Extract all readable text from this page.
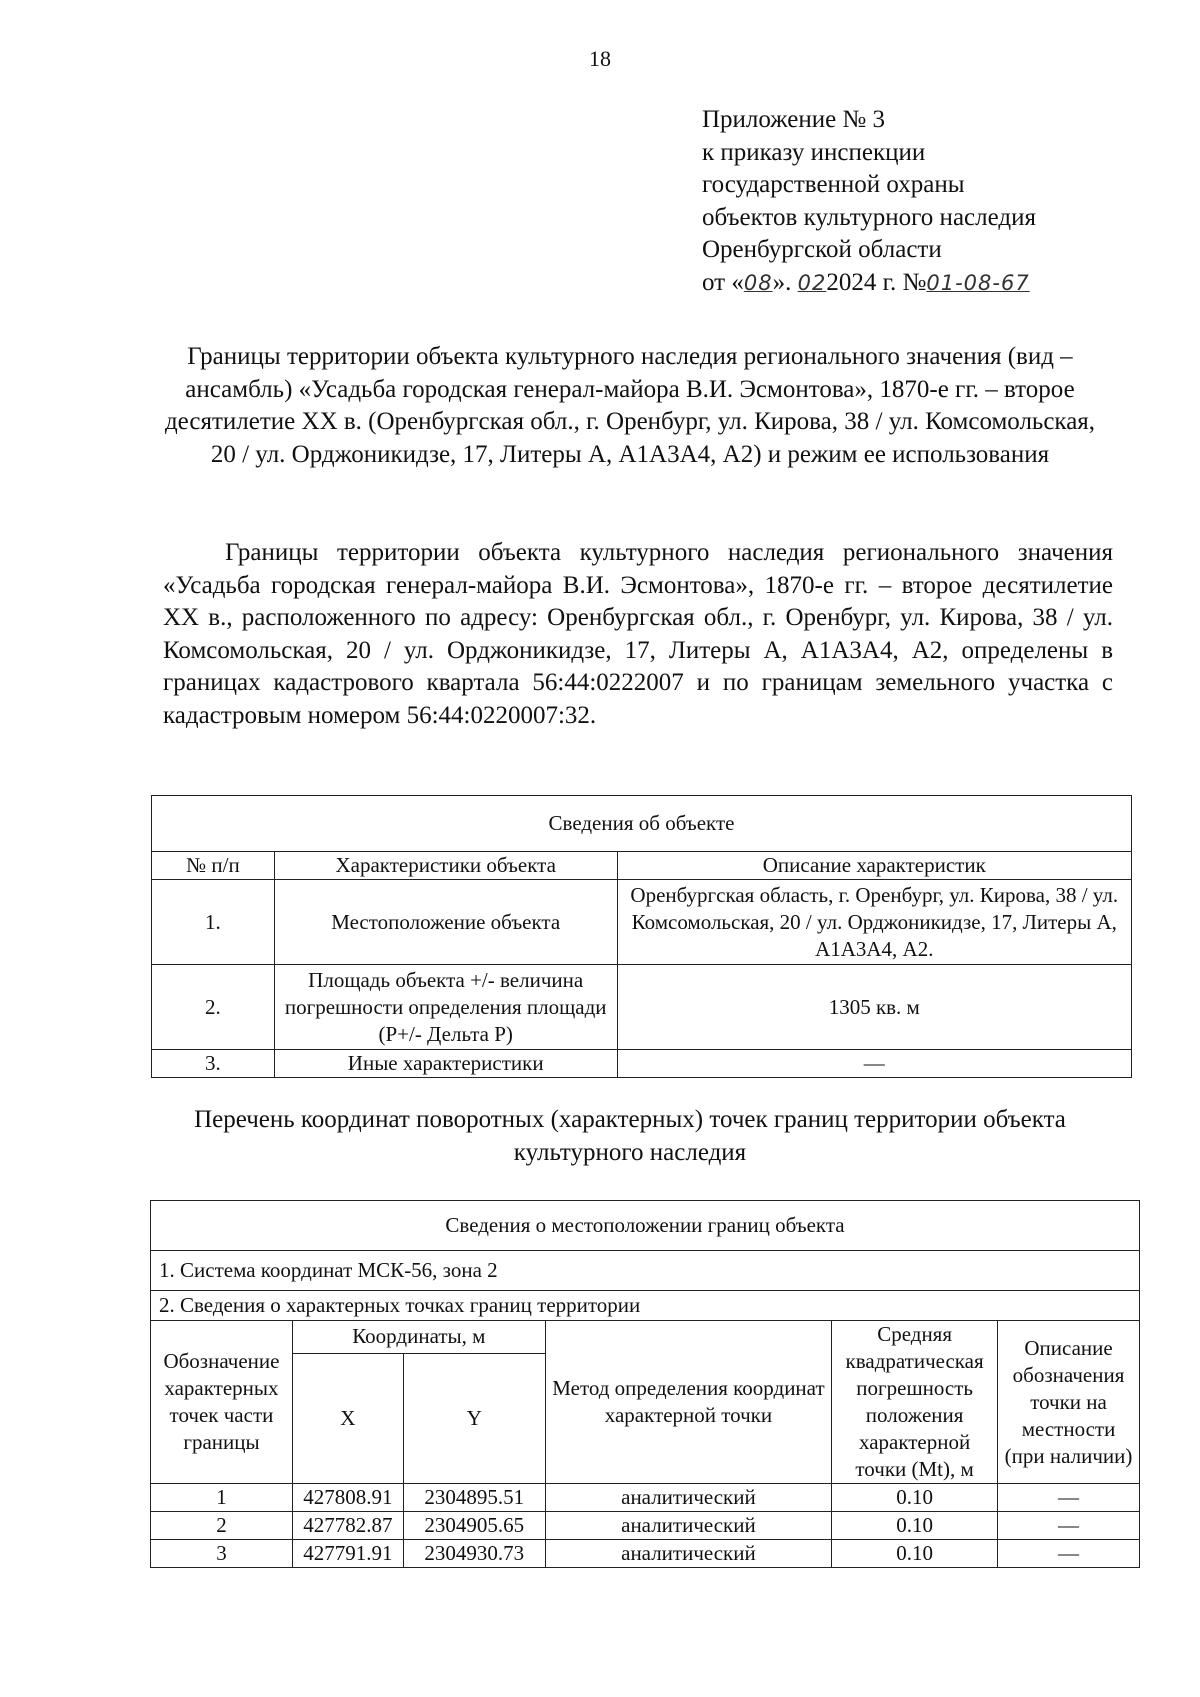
18
Приложение № 3
к приказу инспекции
государственной охраны
объектов культурного наследия
Оренбургской области
от «08». 022024 г. №01-08-67
Границы территории объекта культурного наследия регионального значения (вид – ансамбль) «Усадьба городская генерал-майора В.И. Эсмонтова», 1870-е гг. – второе десятилетие XX в. (Оренбургская обл., г. Оренбург, ул. Кирова, 38 / ул. Комсомольская, 20 / ул. Орджоникидзе, 17, Литеры А, А1А3А4, А2) и режим ее использования
Границы территории объекта культурного наследия регионального значения «Усадьба городская генерал-майора В.И. Эсмонтова», 1870-е гг. – второе десятилетие XX в., расположенного по адресу: Оренбургская обл., г. Оренбург, ул. Кирова, 38 / ул. Комсомольская, 20 / ул. Орджоникидзе, 17, Литеры А, А1А3А4, А2, определены в границах кадастрового квартала 56:44:0222007 и по границам земельного участка с кадастровым номером 56:44:0220007:32.
Сведения об объекте		
№ п/п	Характеристики объекта	Описание характеристик
1.	Местоположение объекта	Оренбургская область, г. Оренбург, ул. Кирова, 38 / ул. Комсомольская, 20 / ул. Орджоникидзе, 17, Литеры А, А1А3А4, А2.
2.	Площадь объекта +/- величина погрешности определения площади (Р+/- Дельта Р)	1305 кв. м
3.	Иные характеристики	—
Перечень координат поворотных (характерных) точек границ территории объекта культурного наследия
Сведения о местоположении границ объекта					
1. Система координат МСК-56, зона 2					
2. Сведения о характерных точках границ территории					
Обозначение характерных точек части границы	Координаты, м		Метод определения координат характерной точки	Средняя квадратическая погрешность положения характерной точки (Mt), м	Описание обозначения точки на местности (при наличии)
	X	Y			
1	427808.91	2304895.51	аналитический	0.10	—
2	427782.87	2304905.65	аналитический	0.10	—
3	427791.91	2304930.73	аналитический	0.10	—
